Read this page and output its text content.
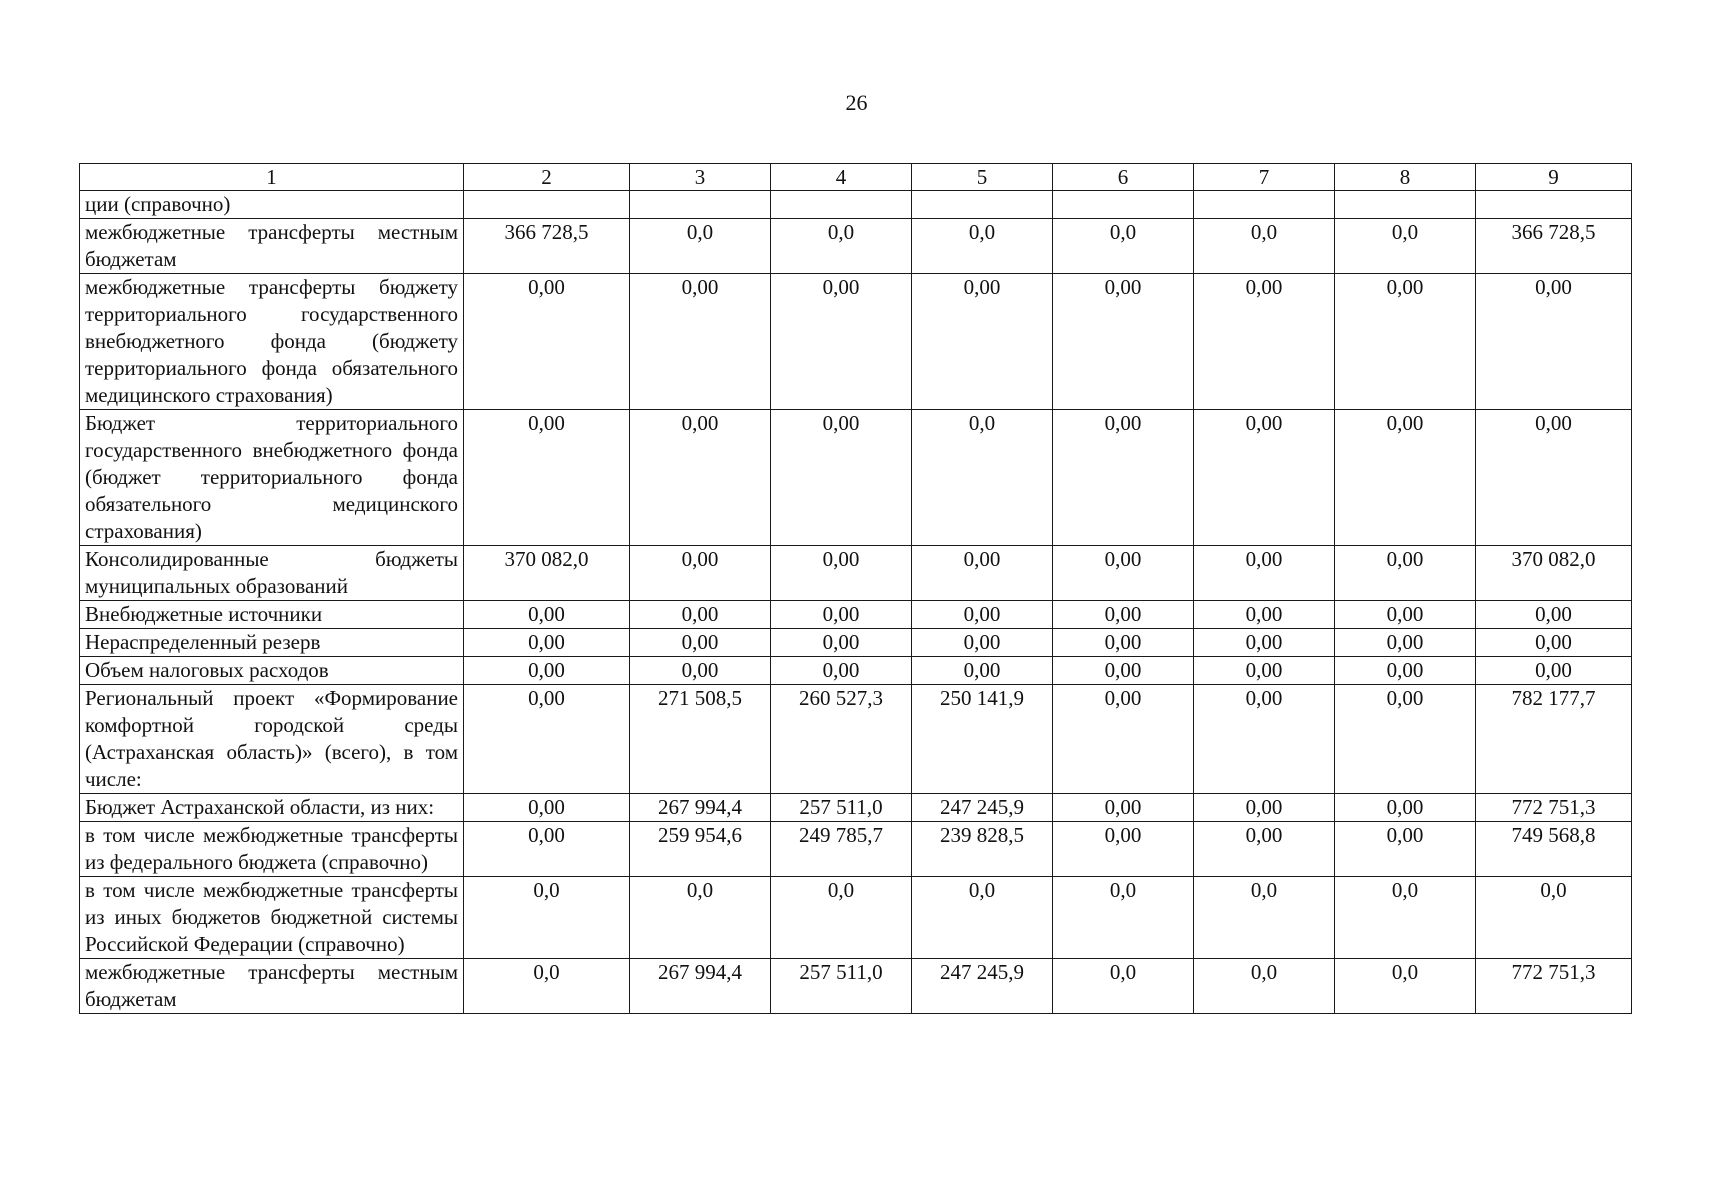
26
1	2	3	4	5	6	7	8	9
ции (справочно)								
межбюджетные трансферты местным бюджетам	366 728,5	0,0	0,0	0,0	0,0	0,0	0,0	366 728,5
межбюджетные трансферты бюджету территориального государственного внебюджетного фонда (бюджету территориального фонда обязательного медицинского страхования)	0,00	0,00	0,00	0,00	0,00	0,00	0,00	0,00
Бюджет территориального государственного внебюджетного фонда (бюджет территориального фонда обязательного медицинского страхования)	0,00	0,00	0,00	0,0	0,00	0,00	0,00	0,00
Консолидированные бюджеты муниципальных образований	370 082,0	0,00	0,00	0,00	0,00	0,00	0,00	370 082,0
Внебюджетные источники	0,00	0,00	0,00	0,00	0,00	0,00	0,00	0,00
Нераспределенный резерв	0,00	0,00	0,00	0,00	0,00	0,00	0,00	0,00
Объем налоговых расходов	0,00	0,00	0,00	0,00	0,00	0,00	0,00	0,00
Региональный проект «Формирование комфортной городской среды (Астраханская область)» (всего), в том числе:	0,00	271 508,5	260 527,3	250 141,9	0,00	0,00	0,00	782 177,7
Бюджет Астраханской области, из них:	0,00	267 994,4	257 511,0	247 245,9	0,00	0,00	0,00	772 751,3
в том числе межбюджетные трансферты из федерального бюджета (справочно)	0,00	259 954,6	249 785,7	239 828,5	0,00	0,00	0,00	749 568,8
в том числе межбюджетные трансферты из иных бюджетов бюджетной системы Российской Федерации (справочно)	0,0	0,0	0,0	0,0	0,0	0,0	0,0	0,0
межбюджетные трансферты местным бюджетам	0,0	267 994,4	257 511,0	247 245,9	0,0	0,0	0,0	772 751,3
